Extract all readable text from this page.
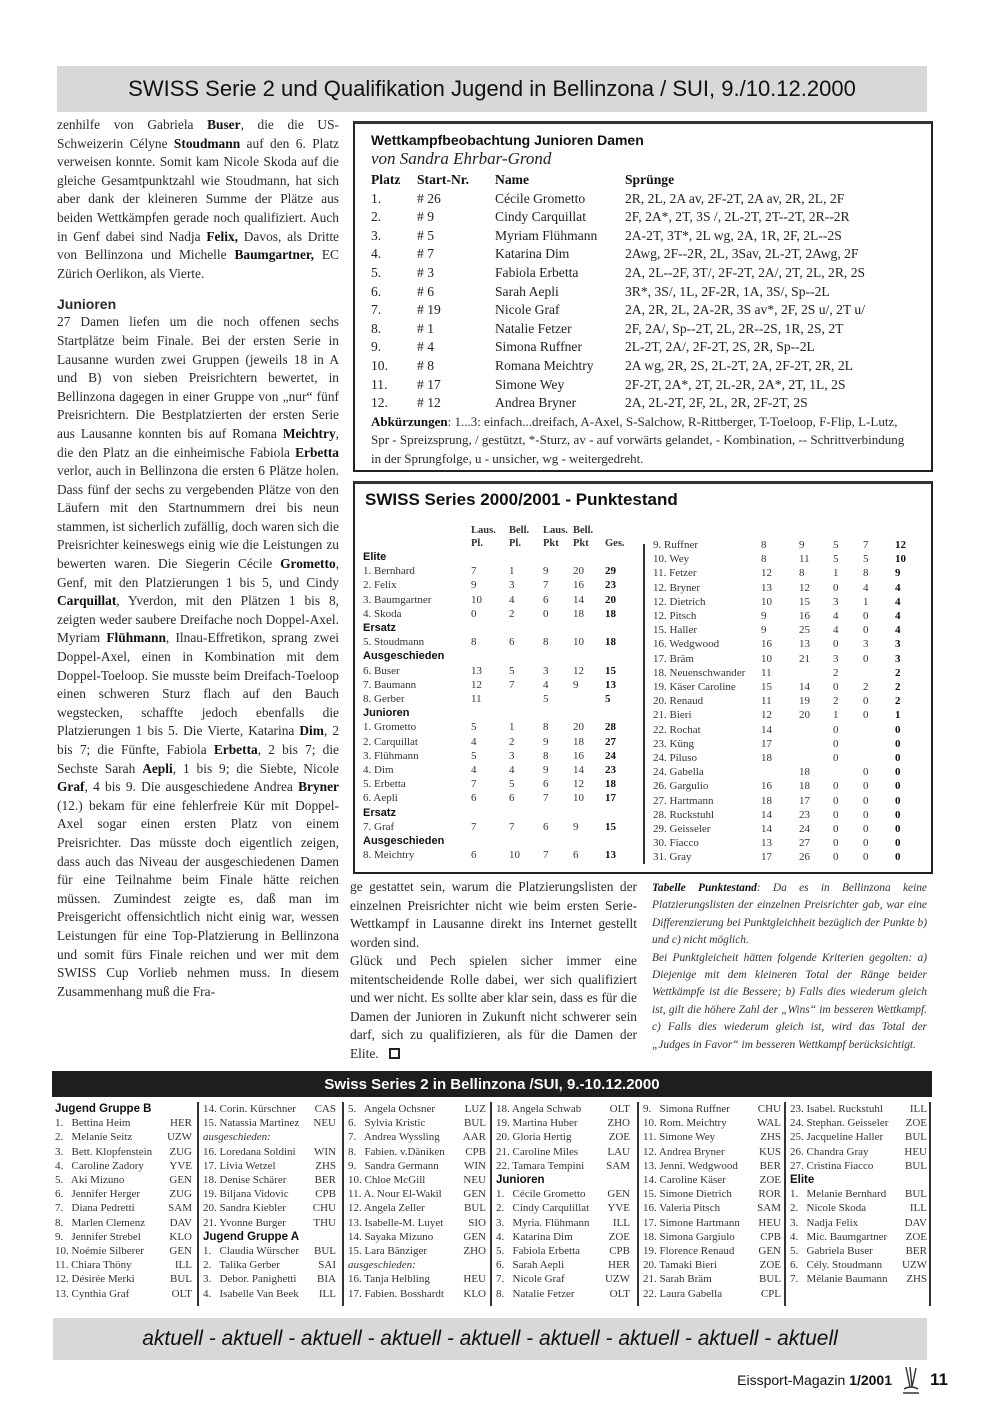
SWISS Serie 2 und Qualifikation Jugend in Bellinzona / SUI, 9./10.12.2000

zenhilfe von Gabriela Buser, die die US-Schweizerin Célyne Stoudmann auf den 6. Platz verweisen konnte. Somit kam Nicole Skoda auf die gleiche Gesamtpunktzahl wie Stoudmann, hat sich aber dank der kleineren Summe der Plätze aus beiden Wettkämpfen gerade noch qualifiziert. Auch in Genf dabei sind Nadja Felix, Davos, als Dritte von Bellinzona und Michelle Baumgartner, EC Zürich Oerlikon, als Vierte.

Junioren

27 Damen liefen um die noch offenen sechs Startplätze beim Finale. Bei der ersten Serie in Lausanne wurden zwei Gruppen (jeweils 18 in A und B) von sieben Preisrichtern bewertet, in Bellinzona dagegen in einer Gruppe von „nur“ fünf Preisrichtern. Die Bestplatzierten der ersten Serie aus Lausanne konnten bis auf Romana Meichtry, die den Platz an die einheimische Fabiola Erbetta verlor, auch in Bellinzona die ersten 6 Plätze holen. Dass fünf der sechs zu vergebenden Plätze von den Läufern mit den Startnummern drei bis neun stammen, ist sicherlich zufällig, doch waren sich die Preisrichter keineswegs einig wie die Leistungen zu bewerten waren. Die Siegerin Cécile Grometto, Genf, mit den Platzierungen 1 bis 5, und Cindy Carquillat, Yverdon, mit den Plätzen 1 bis 8, zeigten weder saubere Dreifache noch Doppel-Axel. Myriam Flühmann, Ilnau-Effretikon, sprang zwei Doppel-Axel, einen in Kombination mit dem Doppel-Toeloop. Sie musste beim Dreifach-Toeloop einen schweren Sturz flach auf den Bauch wegstecken, schaffte jedoch ebenfalls die Platzierungen 1 bis 5. Die Vierte, Katarina Dim, 2 bis 7; die Fünfte, Fabiola Erbetta, 2 bis 7; die Sechste Sarah Aepli, 1 bis 9; die Siebte, Nicole Graf, 4 bis 9. Die ausgeschiedene Andrea Bryner (12.) bekam für eine fehlerfreie Kür mit Doppel-Axel sogar einen ersten Platz von einem Preisrichter. Das müsste doch eigentlich zeigen, dass auch das Niveau der ausgeschiedenen Damen für eine Teilnahme beim Finale hätte reichen müssen. Zumindest zeigte es, daß man im Preisgericht offensichtlich nicht einig war, wessen Leistungen für eine Top-Platzierung in Bellinzona und somit fürs Finale reichen und wer mit dem SWISS Cup Vorlieb nehmen muss. In diesem Zusammenhang muß die Fra-

Wettkampfbeobachtung Junioren Damen
von Sandra Ehrbar-Grond
Platz	Start-Nr.	Name	Sprünge
1.	# 26	Cécile Grometto	2R, 2L, 2A av, 2F-2T, 2A av, 2R, 2L, 2F
2.	# 9	Cindy Carquillat	2F, 2A*, 2T, 3S /, 2L-2T, 2T--2T, 2R--2R
3.	# 5	Myriam Flühmann	2A-2T, 3T*, 2L wg, 2A, 1R, 2F, 2L--2S
4.	# 7	Katarina Dim	2Awg, 2F--2R, 2L, 3Sav, 2L-2T, 2Awg, 2F
5.	# 3	Fabiola Erbetta	2A, 2L--2F, 3T/, 2F-2T, 2A/, 2T, 2L, 2R, 2S
6.	# 6	Sarah Aepli	3R*, 3S/, 1L, 2F-2R, 1A, 3S/, Sp--2L
7.	# 19	Nicole Graf	2A, 2R, 2L, 2A-2R, 3S av*, 2F, 2S u/, 2T u/
8.	# 1	Natalie Fetzer	2F, 2A/, Sp--2T, 2L, 2R--2S, 1R, 2S, 2T
9.	# 4	Simona Ruffner	2L-2T, 2A/, 2F-2T, 2S, 2R, Sp--2L
10.	# 8	Romana Meichtry	2A wg, 2R, 2S, 2L-2T, 2A, 2F-2T, 2R, 2L
11.	# 17	Simone Wey	2F-2T, 2A*, 2T, 2L-2R, 2A*, 2T, 1L, 2S
12.	# 12	Andrea Bryner	2A, 2L-2T, 2F, 2L, 2R, 2F-2T, 2S
Abkürzungen: 1...3: einfach...dreifach, A-Axel, S-Salchow, R-Rittberger, T-Toeloop, F-Flip, L-Lutz, Spr - Spreizsprung, / gestützt, *-Sturz, av - auf vorwärts gelandet, - Kombination, -- Schrittverbindung in der Sprungfolge, u - unsicher, wg - weitergedreht.
SWISS Series 2000/2001 - Punktestand
	Laus.	Bell.	Laus.	Bell.	
	Pl.	Pl.	Pkt	Pkt	Ges.
Elite					
1. Bernhard	7	1	9	20	29
2. Felix	9	3	7	16	23
3. Baumgartner	10	4	6	14	20
4. Skoda	0	2	0	18	18
Ersatz					
5. Stoudmann	8	6	8	10	18
Ausgeschieden					
6. Buser	13	5	3	12	15
7. Baumann	12	7	4	9	13
8. Gerber	11		5		5
Junioren					
1. Grometto	5	1	8	20	28
2. Carquillat	4	2	9	18	27
3. Flühmann	5	3	8	16	24
4. Dim	4	4	9	14	23
5. Erbetta	7	5	6	12	18
6. Aepli	6	6	7	10	17
Ersatz					
7. Graf	7	7	6	9	15
Ausgeschieden					
8. Meichtry	6	10	7	6	13
9. Ruffner	8	9	5	7	12
10. Wey	8	11	5	5	10
11. Fetzer	12	8	1	8	9
12. Bryner	13	12	0	4	4
12. Dietrich	10	15	3	1	4
12. Pitsch	9	16	4	0	4
15. Haller	9	25	4	0	4
16. Wedgwood	16	13	0	3	3
17. Bräm	10	21	3	0	3
18. Neuenschwander	11		2		2
19. Käser Caroline	15	14	0	2	2
20. Renaud	11	19	2	0	2
21. Bieri	12	20	1	0	1
22. Rochat	14		0		0
23. Küng	17		0		0
24. Piluso	18		0		0
24. Gabella		18		0	0
26. Gargulio	16	18	0	0	0
27. Hartmann	18	17	0	0	0
28. Ruckstuhl	14	23	0	0	0
29. Geisseler	14	24	0	0	0
30. Fiacco	13	27	0	0	0
31. Gray	17	26	0	0	0

ge gestattet sein, warum die Platzierungslisten der einzelnen Preisrichter nicht wie beim ersten Serie-Wettkampf in Lausanne direkt ins Internet gestellt worden sind.

Glück und Pech spielen sicher immer eine mitentscheidende Rolle dabei, wer sich qualifiziert und wer nicht. Es sollte aber klar sein, dass es für die Damen der Junioren in Zukunft nicht schwerer sein darf, sich zu qualifizieren, als für die Damen der Elite.

Tabelle Punktestand: Da es in Bellinzona keine Platzierungslisten der einzelnen Preisrichter gab, war eine Differenzierung bei Punktgleichheit bezüglich der Punkte b) und c) nicht möglich.

Bei Punktgleicheit hätten folgende Kriterien gegolten: a) Diejenige mit dem kleineren Total der Ränge beider Wettkämpfe ist die Bessere; b) Falls dies wiederum gleich ist, gilt die höhere Zahl der „Wins“ im besseren Wettkampf. c) Falls dies wiederum gleich ist, wird das Total der „Judges in Favor“ im besseren Wettkampf berücksichtigt.

Swiss Series 2 in Bellinzona /SUI, 9.-10.12.2000
Jugend Gruppe B
1.   Bettina Heim	HER
2.   Melanie Seitz	UZW
3.   Bett. Klopfenstein ZUG
4.   Caroline Zadory YVE
5.   Aki Mizuno	GEN
6.   Jennifer Herger	ZUG
7.   Diana Pedretti	SAM
8.   Marlen Clemenz DAV
9.   Jennifer Strebel	KLO
10. Noémie Silberer GEN
11. Chiara Thöny	ILL
12. Désirée Merki	BUL
13. Cynthia Graf	OLT
14. Corin. Kürschner CAS
15. Natassia Martinez NEU
ausgeschieden:
16. Loredana Soldini WIN
17. Livia Wetzel	ZHS
18. Denise Schärer	BER
19. Biljana Vidovic CPB
20. Sandra Kiebler CHU
21. Yvonne Burger THU
Jugend Gruppe A
1.   Claudia Würscher BUL
2.   Talika Gerber	SAI
3.   Debor. Panighetti BIA
4.   Isabelle Van Beek ILL
5.   Angela Ochsner	LUZ
6.   Sylvia Kristic	BUL
7.   Andrea Wyssling AAR
8.   Fabien. v.Däniken CPB
9.   Sandra Germann WIN
10. Chloe McGill	NEU
11. A. Nour El-Wakil GEN
12. Angela Zeller	BUL
13. Isabelle-M. Luyet SIO
14. Sayaka Mizuno	GEN
15. Lara Bänziger	ZHO
ausgeschieden:
16. Tanja Helbling	HEU
17. Fabien. Bosshardt KLO
18. Angela Schwab	OLT
19. Martina Huber	ZHO
20. Gloria Hertig	ZOE
21. Caroline Miles	LAU
22. Tamara Tempini SAM
Junioren
1.   Cécile Grometto GEN
2.   Cindy Carqulillat YVE
3.   Myria. Flühmann ILL
4.   Katarina Dim	ZOE
5.   Fabiola Erbetta	CPB
6.   Sarah Aepli	HER
7.   Nicole Graf	UZW
8.   Natalie Fetzer	OLT
9.   Simona Ruffner	CHU
10. Rom. Meichtry	WAL
11. Simone Wey	ZHS
12. Andrea Bryner	KUS
13. Jenni. Wedgwood BER
14. Caroline Käser	ZOE
15. Simone Dietrich ROR
16. Valeria Pitsch	SAM
17. Simone Hartmann HEU
18. Simona Gargiulo CPB
19. Florence Renaud GEN
20. Tamaki Bieri	ZOE
21. Sarah Bräm	BUL
22. Laura Gabella	CPL
23. Isabel. Ruckstuhl ILL
24. Stephan. Geisseler ZOE
25. Jacqueline Haller BUL
26. Chandra Gray	HEU
27. Cristina Fiacco	BUL
Elite
1.   Melanie Bernhard BUL
2.   Nicole Skoda	ILL
3.   Nadja Felix	DAV
4.   Mic. Baumgartner ZOE
5.   Gabriela Buser	BER
6.   Cély. Stoudmann UZW
7.   Mélanie Baumann ZHS
aktuell - aktuell - aktuell - aktuell - aktuell - aktuell - aktuell - aktuell - aktuell
Eissport-Magazin 1/2001 11
